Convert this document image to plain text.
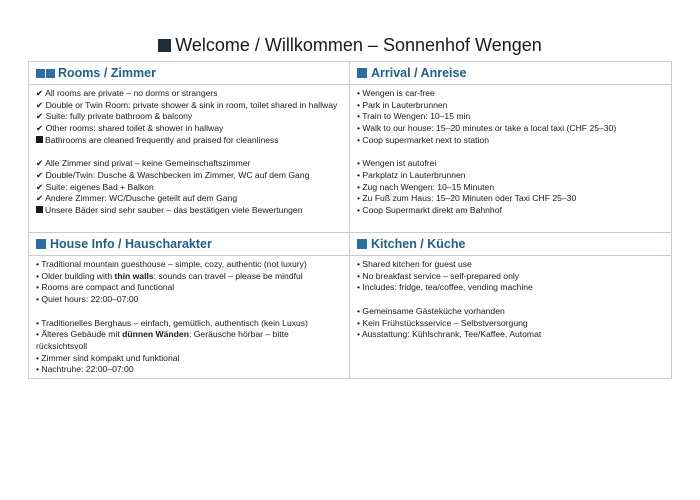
Welcome / Willkommen – Sonnenhof Wengen
Rooms / Zimmer
✔ All rooms are private – no dorms or strangers
✔ Double or Twin Room: private shower & sink in room, toilet shared in hallway
✔ Suite: fully private bathroom & balcony
✔ Other rooms: shared toilet & shower in hallway
Bathrooms are cleaned frequently and praised for cleanliness
✔ Alle Zimmer sind privat – keine Gemeinschaftszimmer
✔ Double/Twin: Dusche & Waschbecken im Zimmer, WC auf dem Gang
✔ Suite: eigenes Bad + Balkon
✔ Andere Zimmer: WC/Dusche geteilt auf dem Gang
Unsere Bäder sind sehr sauber – das bestätigen viele Bewertungen
Arrival / Anreise
• Wengen is car-free
• Park in Lauterbrunnen
• Train to Wengen: 10–15 min
• Walk to our house: 15–20 minutes or take a local taxi (CHF 25–30)
• Coop supermarket next to station
• Wengen ist autofrei
• Parkplatz in Lauterbrunnen
• Zug nach Wengen: 10–15 Minuten
• Zu Fuß zum Haus: 15–20 Minuten oder Taxi CHF 25–30
• Coop Supermarkt direkt am Bahnhof
House Info / Hauscharakter
• Traditional mountain guesthouse – simple, cozy, authentic (not luxury)
• Older building with thin walls: sounds can travel – please be mindful
• Rooms are compact and functional
• Quiet hours: 22:00–07:00
• Traditionelles Berghaus – einfach, gemütlich, authentisch (kein Luxus)
• Älteres Gebäude mit dünnen Wänden: Geräusche hörbar – bitte rücksichtsvoll
• Zimmer sind kompakt und funktional
• Nachtruhe: 22:00–07:00
Kitchen / Küche
• Shared kitchen for guest use
• No breakfast service – self-prepared only
• Includes: fridge, tea/coffee, vending machine
• Gemeinsame Gästeküche vorhanden
• Kein Frühstücksservice – Selbstversorgung
• Ausstattung: Kühlschrank, Tee/Kaffee, Automat
